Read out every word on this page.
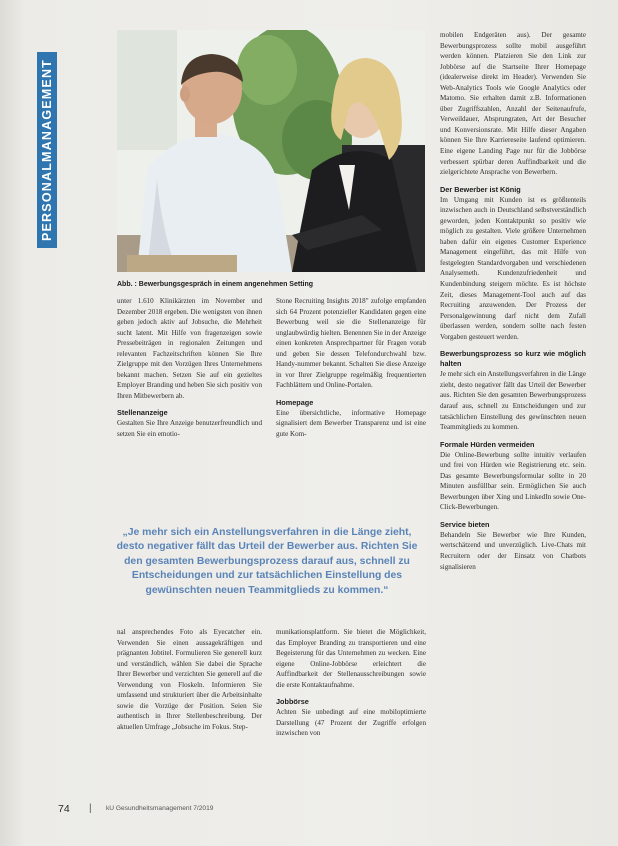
PERSONALMANAGEMENT
Abb. : Bewerbungsgespräch in einem angenehmen Setting

unter 1.610 Klinikärzten im November und Dezember 2018 ergeben. Die wenigsten von ihnen gehen jedoch aktiv auf Jobsuche, die Mehrheit sucht latent. Mit Hilfe von fragenzeigen sowie Pressebeiträgen in regionalen Zeitungen und relevanten Fachzeitschriften können Sie Ihre Zielgruppe mit den Vorzügen Ihres Unternehmens bekannt machen. Setzen Sie auf ein gezieltes Employer Branding und heben Sie sich positiv von Ihren Mitbewerbern ab.

Stellenanzeige

Gestalten Sie Ihre Anzeige benutzerfreundlich und setzen Sie ein emotio-

Stone Recruiting Insights 2018" zufolge empfanden sich 64 Prozent potenzieller Kandidaten gegen eine Bewerbung weil sie die Stellenanzeige für unglaubwürdig hielten. Benennen Sie in der Anzeige einen konkreten Ansprechpartner für Fragen vorab und geben Sie dessen Telefondurchwahl bzw. Handy-nummer bekannt. Schalten Sie diese Anzeige in vor Ihrer Zielgruppe regelmäßig frequentierten Fachblättern und Online-Portalen.

Homepage

Eine übersichtliche, informative Homepage signalisiert dem Bewerber Transparenz und ist eine gute Kom-

„Je mehr sich ein Anstellungsverfahren in die Länge zieht, desto negativer fällt das Urteil der Bewerber aus. Richten Sie den gesamten Bewerbungsprozess darauf aus, schnell zu Entscheidungen und zur tatsächlichen Einstellung des gewünschten neuen Teammitglieds zu kommen.“

nal ansprechendes Foto als Eyecatcher ein. Verwenden Sie einen aussagekräftigen und prägnanten Jobtitel. Formulieren Sie generell kurz und verständlich, wählen Sie dabei die Sprache Ihrer Bewerber und verzichten Sie generell auf die Verwendung von Floskeln. Informieren Sie umfassend und strukturiert über die Arbeitsinhalte sowie die Vorzüge der Position. Seien Sie authentisch in Ihrer Stellenbeschreibung. Der aktuellen Umfrage „Jobsuche im Fokus. Step-

munikationsplattform. Sie bietet die Möglichkeit, das Employer Branding zu transportieren und eine Begeisterung für das Unternehmen zu wecken. Eine eigene Online-Jobbörse erleichtert die Auffindbarkeit der Stellenausschreibungen sowie die erste Kontaktaufnahme.

Jobbörse

Achten Sie unbedingt auf eine mobiloptimierte Darstellung (47 Prozent der Zugriffe erfolgen inzwischen von

mobilen Endgeräten aus). Der gesamte Bewerbungsprozess sollte mobil ausgeführt werden können. Platzieren Sie den Link zur Jobbörse auf die Startseite Ihrer Homepage (idealerweise direkt im Header). Verwenden Sie Web-Analytics Tools wie Google Analytics oder Matomo. Sie erhalten damit z.B. Informationen über Zugriffszahlen, Anzahl der Seitenaufrufe, Verweildauer, Absprungraten, Art der Besucher und Konversionsrate. Mit Hilfe dieser Angaben können Sie Ihre Karriereseite laufend optimieren. Eine eigene Landing Page nur für die Jobbörse verbessert spürbar deren Auffindbarkeit und die zielgerichtete Ansprache von Bewerbern.

Der Bewerber ist König

Im Umgang mit Kunden ist es größtenteils inzwischen auch in Deutschland selbstverständlich geworden, jeden Kontaktpunkt so positiv wie möglich zu gestalten. Viele größere Unternehmen haben dafür ein eigenes Customer Experience Management eingeführt, das mit Hilfe von festgelegten Standardvorgaben und verschiedenen Analysemeth. Kundenzufriedenheit und Kundenbindung steigern möchte. Es ist höchste Zeit, dieses Management-Tool auch auf das Recruiting anzuwenden. Der Prozess der Personalgewinnung darf nicht dem Zufall überlassen werden, sondern sollte nach festen Vorgaben gesteuert werden.

Bewerbungsprozess so kurz wie möglich halten

Je mehr sich ein Anstellungsverfahren in die Länge zieht, desto negativer fällt das Urteil der Bewerber aus. Richten Sie den gesamten Bewerbungsprozess darauf aus, schnell zu Entscheidungen und zur tatsächlichen Einstellung des gewünschten neuen Teammitglieds zu kommen.

Formale Hürden vermeiden

Die Online-Bewerbung sollte intuitiv verlaufen und frei von Hürden wie Registrierung etc. sein. Das gesamte Bewerbungsformular sollte in 20 Minuten ausfüllbar sein. Ermöglichen Sie auch Bewerbungen über Xing und LinkedIn sowie One-Click-Bewerbungen.

Service bieten

Behandeln Sie Bewerber wie Ihre Kunden, wertschätzend und unverzüglich. Live-Chats mit Recruitern oder der Einsatz von Chatbots signalisieren

74 | kU Gesundheitsmanagement 7/2019
